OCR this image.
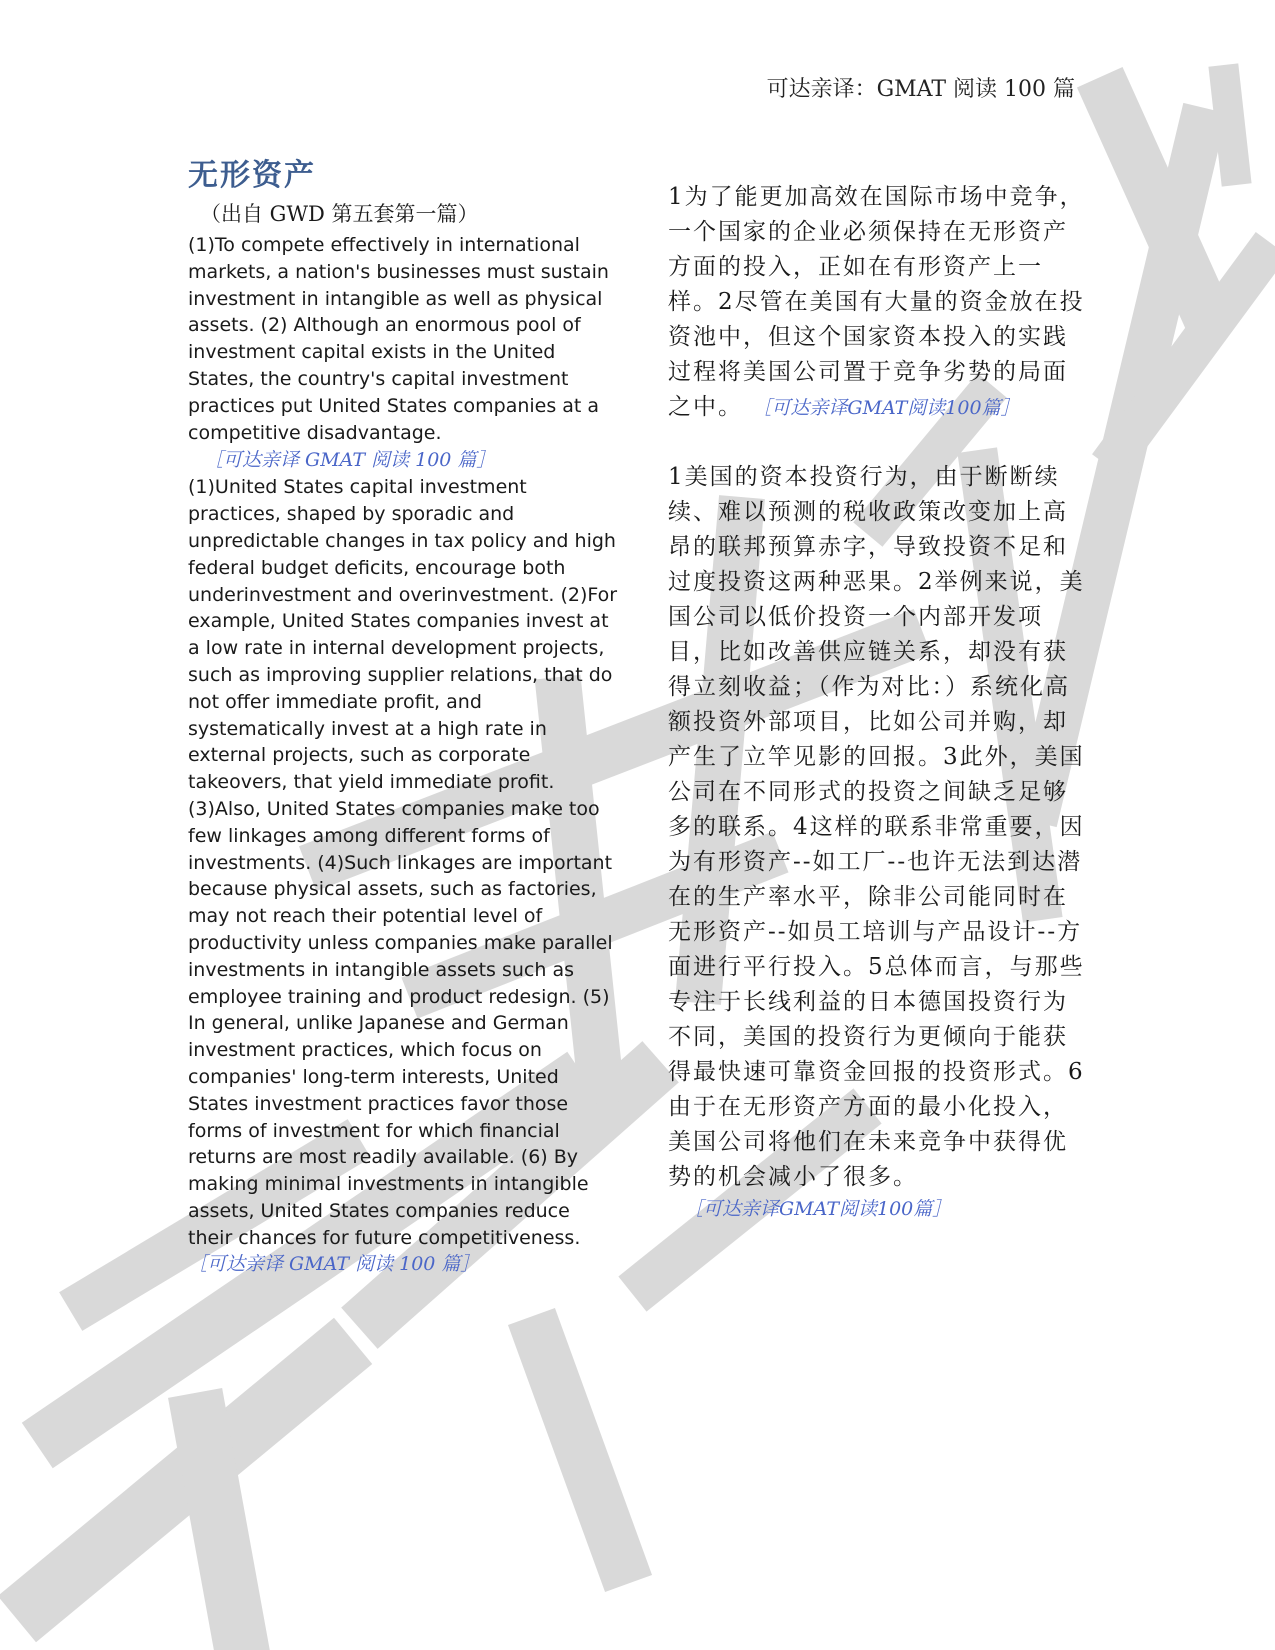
可达亲译：GMAT 阅读 100 篇
无形资产
（出自 GWD 第五套第一篇）

(1)To compete effectively in international markets, a nation's businesses must sustain investment in intangible as well as physical assets. (2) Although an enormous pool of investment capital exists in the United States, the country's capital investment practices put United States companies at a competitive disadvantage.
［可达亲译 GMAT 阅读 100 篇］

(1)United States capital investment practices, shaped by sporadic and unpredictable changes in tax policy and high federal budget deficits, encourage both underinvestment and overinvestment. (2)For example, United States companies invest at a low rate in internal development projects, such as improving supplier relations, that do not offer immediate profit, and systematically invest at a high rate in external projects, such as corporate takeovers, that yield immediate profit. (3)Also, United States companies make too few linkages among different forms of investments. (4)Such linkages are important because physical assets, such as factories, may not reach their potential level of productivity unless companies make parallel investments in intangible assets such as employee training and product redesign. (5) In general, unlike Japanese and German investment practices, which focus on companies' long-term interests, United States investment practices favor those forms of investment for which financial returns are most readily available. (6) By making minimal investments in intangible assets, United States companies reduce their chances for future competitiveness. ［可达亲译 GMAT 阅读 100 篇］

1为了能更加高效在国际市场中竞争，一个国家的企业必须保持在无形资产方面的投入，正如在有形资产上一样。2尽管在美国有大量的资金放在投资池中，但这个国家资本投入的实践过程将美国公司置于竞争劣势的局面之中。 ［可达亲译GMAT阅读100篇］

1美国的资本投资行为，由于断断续续、难以预测的税收政策改变加上高昂的联邦预算赤字，导致投资不足和过度投资这两种恶果。2举例来说，美国公司以低价投资一个内部开发项目，比如改善供应链关系，却没有获得立刻收益；（作为对比：）系统化高额投资外部项目，比如公司并购，却产生了立竿见影的回报。3此外，美国公司在不同形式的投资之间缺乏足够多的联系。4这样的联系非常重要，因为有形资产--如工厂--也许无法到达潜在的生产率水平，除非公司能同时在无形资产--如员工培训与产品设计--方面进行平行投入。5总体而言，与那些专注于长线利益的日本德国投资行为不同，美国的投资行为更倾向于能获得最快速可靠资金回报的投资形式。6由于在无形资产方面的最小化投入，美国公司将他们在未来竞争中获得优势的机会减小了很多。
［可达亲译GMAT阅读100篇］
